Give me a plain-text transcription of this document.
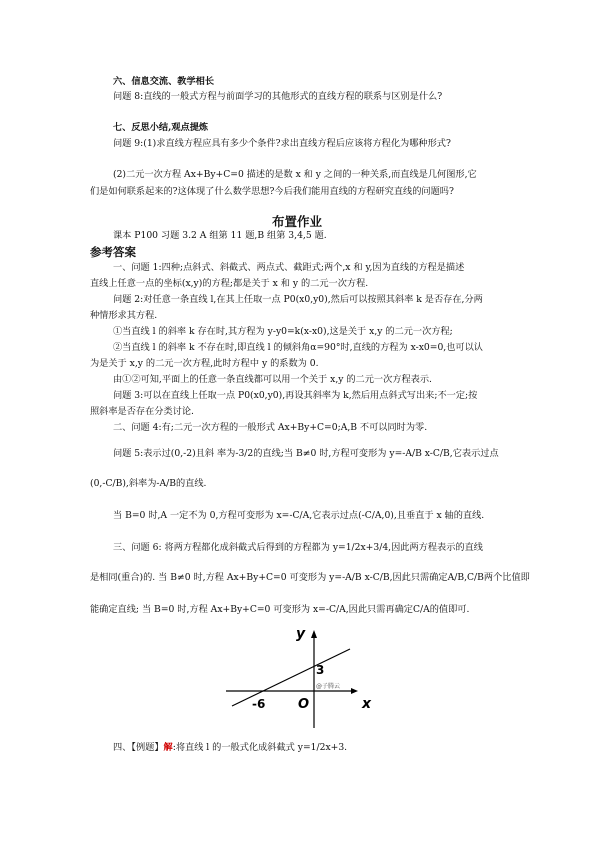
六、信息交流、教学相长
问题 8:直线的一般式方程与前面学习的其他形式的直线方程的联系与区别是什么?
七、反思小结,观点提炼
问题 9:(1)求直线方程应具有多少个条件?求出直线方程后应该将方程化为哪种形式?
(2)二元一次方程 Ax+By+C=0 描述的是数 x 和 y 之间的一种关系,而直线是几何图形,它
们是如何联系起来的?这体现了什么数学思想?今后我们能用直线的方程研究直线的问题吗?
布置作业
课本 P100 习题 3.2 A 组第 11 题,B 组第 3,4,5 题.
参考答案
一、问题 1:四种;点斜式、斜截式、两点式、截距式;两个,x 和 y,因为直线的方程是描述
直线上任意一点的坐标(x,y)的方程;都是关于 x 和 y 的二元一次方程.
问题 2:对任意一条直线 l,在其上任取一点 P0(x0,y0),然后可以按照其斜率 k 是否存在,分两
种情形求其方程.
①当直线 l 的斜率 k 存在时,其方程为 y-y0=k(x-x0),这是关于 x,y 的二元一次方程;
②当直线 l 的斜率 k 不存在时,即直线 l 的倾斜角α=90°时,直线的方程为 x-x0=0,也可以认
为是关于 x,y 的二元一次方程,此时方程中 y 的系数为 0.
由①②可知,平面上的任意一条直线都可以用一个关于 x,y 的二元一次方程表示.
问题 3:可以在直线上任取一点 P0(x0,y0),再设其斜率为 k,然后用点斜式写出来;不一定;按
照斜率是否存在分类讨论.
二、问题 4:有;二元一次方程的一般形式 Ax+By+C=0;A,B 不可以同时为零.
问题 5:表示过(0,-2)且斜 率为-3/2的直线;当 B≠0 时,方程可变形为 y=-A/B x-C/B,它表示过点
(0,-C/B),斜率为-A/B的直线.
当 B=0 时,A 一定不为 0,方程可变形为 x=-C/A,它表示过点(-C/A,0),且垂直于 x 轴的直线.
三、问题 6: 将两方程都化成斜截式后得到的方程都为 y=1/2x+3/4,因此两方程表示的直线
是相同(重合)的. 当 B≠0 时,方程 Ax+By+C=0 可变形为 y=-A/B x-C/B,因此只需确定A/B,C/B两个比值即
能确定直线; 当 B=0 时,方程 Ax+By+C=0 可变形为 x=-C/A,因此只需再确定C/A的值即可.
y
x
O
-6
3
@子腾云
四、【例题】解:将直线 l 的一般式化成斜截式 y=1/2x+3.
